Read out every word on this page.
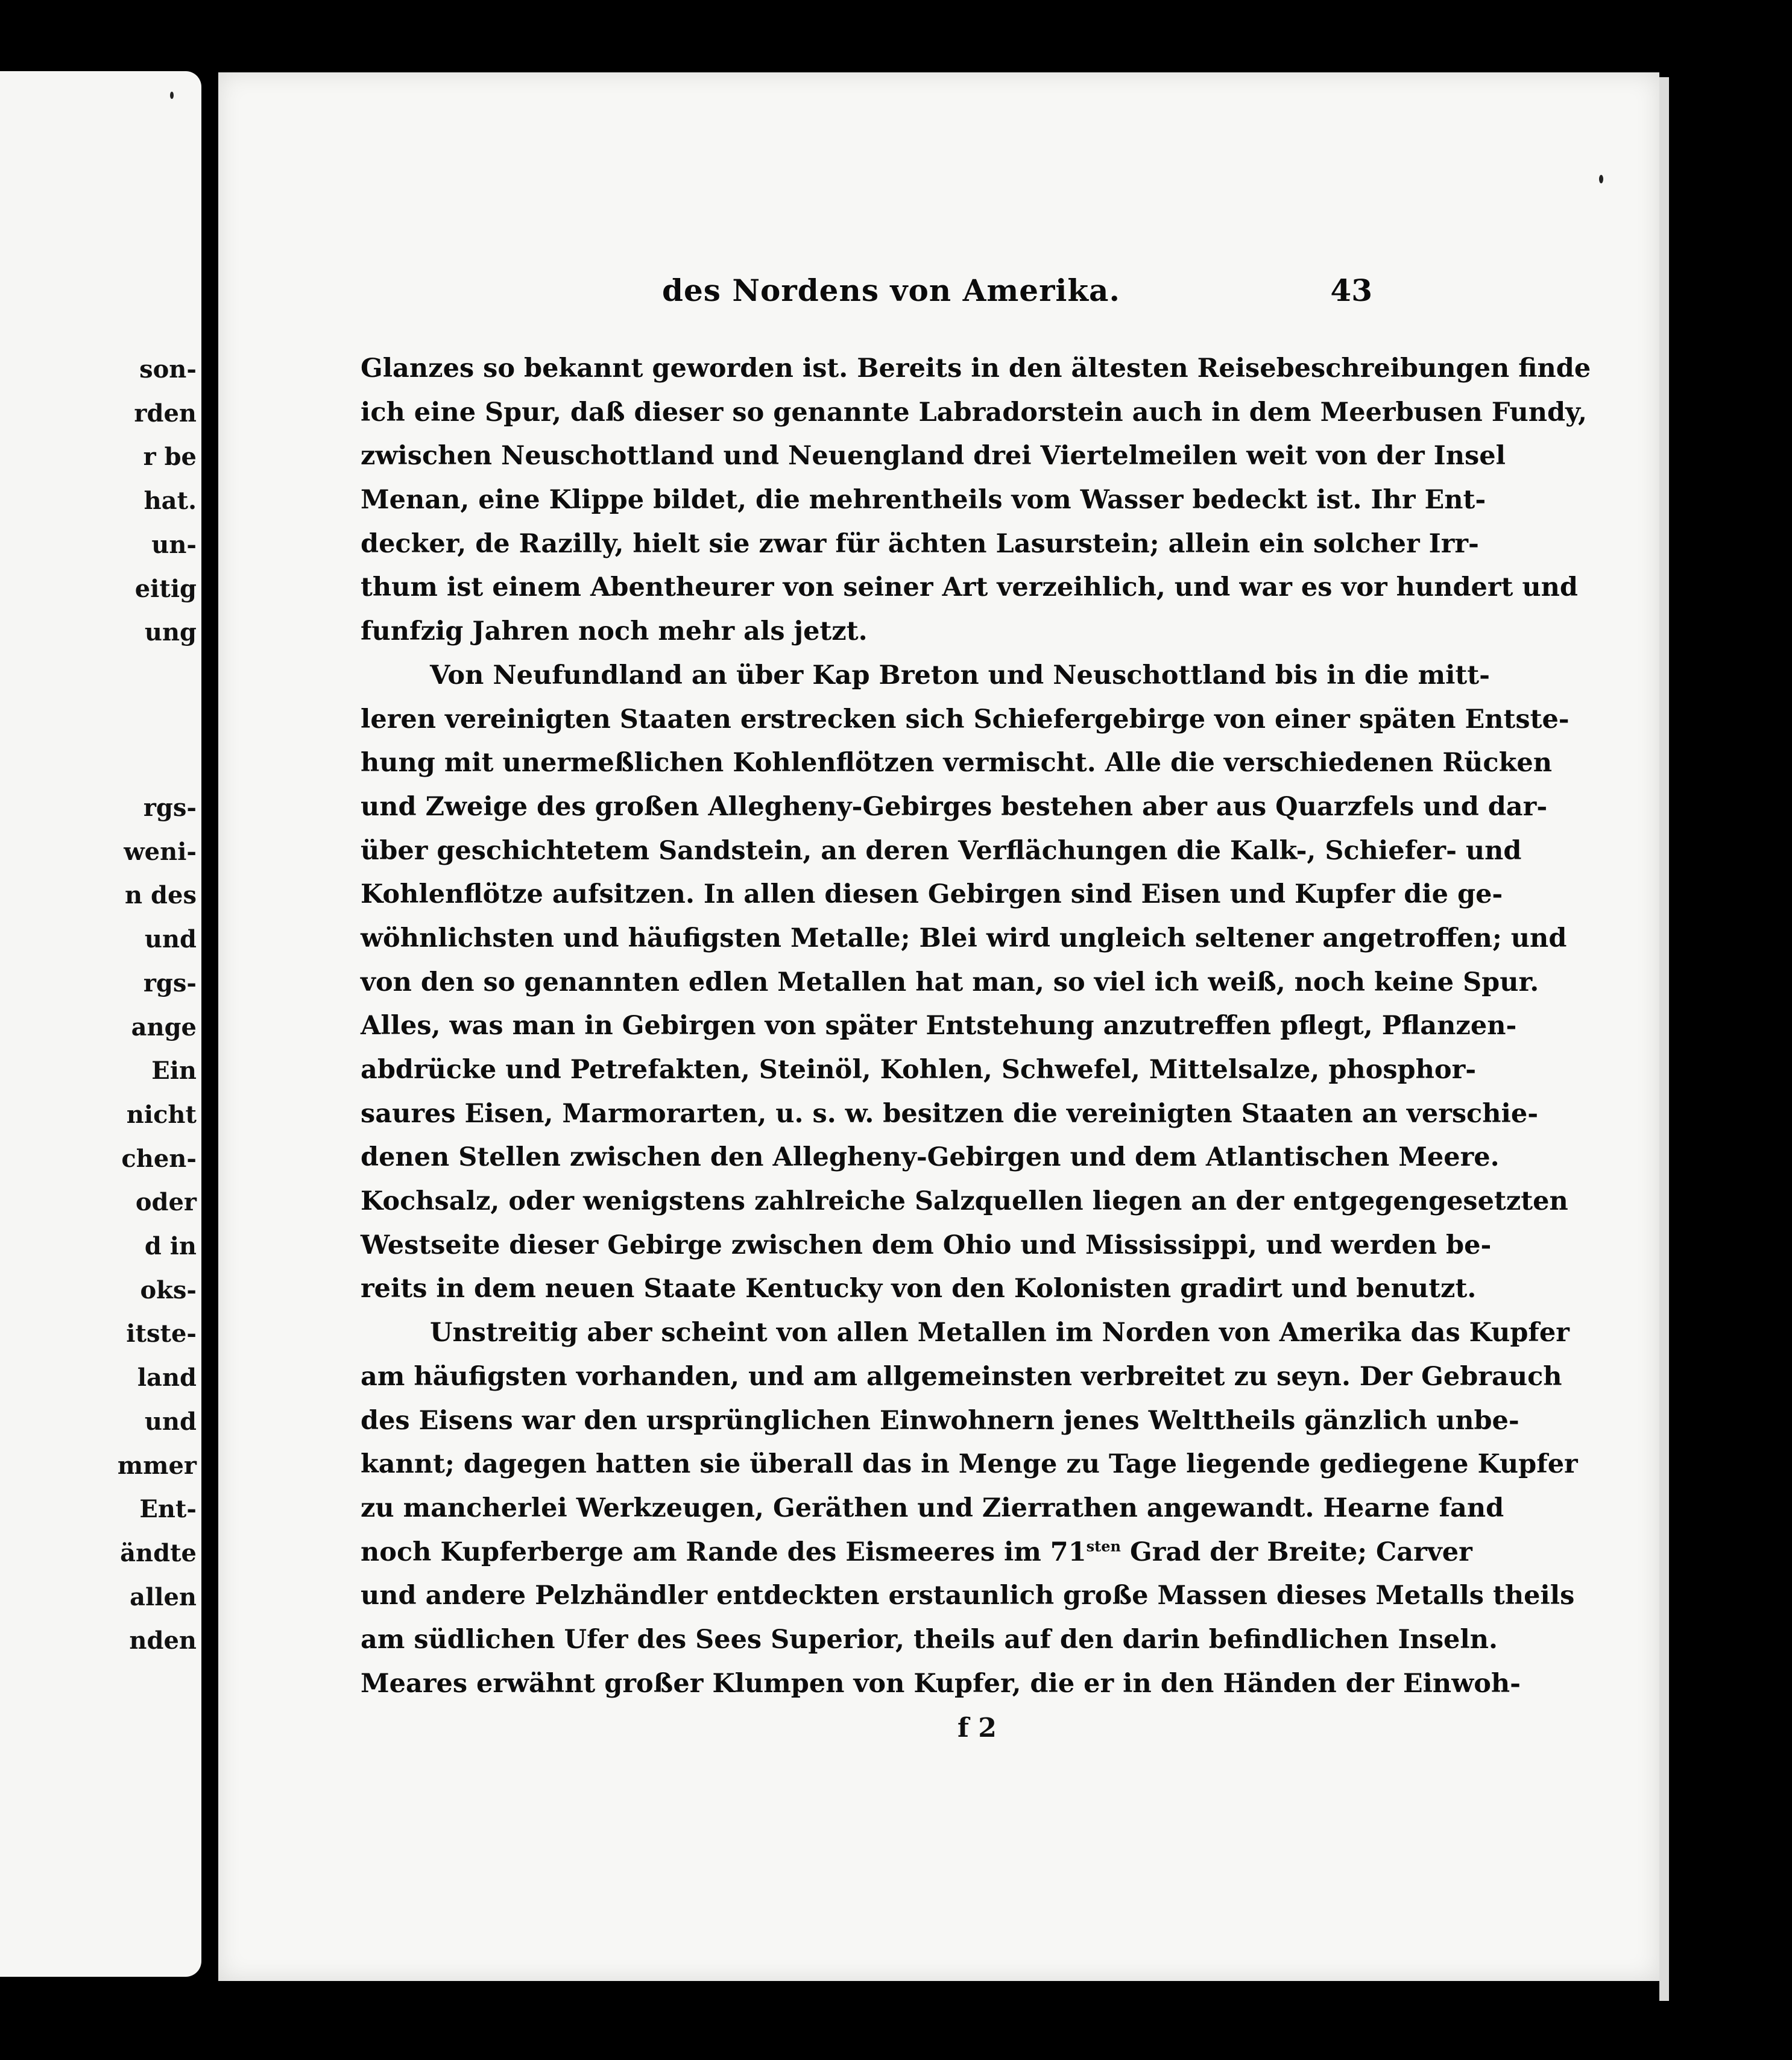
son-
rden
r be
hat.
un-
eitig
ung
rgs-
weni-
n des
und
rgs-
ange
Ein
nicht
chen-
oder
d in
oks-
itste-
land
und
mmer
Ent-
ändte
allen
nden
des Nordens von Amerika.	43
Glanzes so bekannt geworden ist. Bereits in den ältesten Reisebeschreibungen finde
ich eine Spur, daß dieser so genannte Labradorstein auch in dem Meerbusen Fundy,
zwischen Neuschottland und Neuengland drei Viertelmeilen weit von der Insel
Menan, eine Klippe bildet, die mehrentheils vom Wasser bedeckt ist. Ihr Ent-
decker, de Razilly, hielt sie zwar für ächten Lasurstein; allein ein solcher Irr-
thum ist einem Abentheurer von seiner Art verzeihlich, und war es vor hundert und
funfzig Jahren noch mehr als jetzt.
Von Neufundland an über Kap Breton und Neuschottland bis in die mitt-
leren vereinigten Staaten erstrecken sich Schiefergebirge von einer späten Entste-
hung mit unermeßlichen Kohlenflötzen vermischt. Alle die verschiedenen Rücken
und Zweige des großen Allegheny-Gebirges bestehen aber aus Quarzfels und dar-
über geschichtetem Sandstein, an deren Verflächungen die Kalk-, Schiefer- und
Kohlenflötze aufsitzen. In allen diesen Gebirgen sind Eisen und Kupfer die ge-
wöhnlichsten und häufigsten Metalle; Blei wird ungleich seltener angetroffen; und
von den so genannten edlen Metallen hat man, so viel ich weiß, noch keine Spur.
Alles, was man in Gebirgen von später Entstehung anzutreffen pflegt, Pflanzen-
abdrücke und Petrefakten, Steinöl, Kohlen, Schwefel, Mittelsalze, phosphor-
saures Eisen, Marmorarten, u. s. w. besitzen die vereinigten Staaten an verschie-
denen Stellen zwischen den Allegheny-Gebirgen und dem Atlantischen Meere.
Kochsalz, oder wenigstens zahlreiche Salzquellen liegen an der entgegengesetzten
Westseite dieser Gebirge zwischen dem Ohio und Mississippi, und werden be-
reits in dem neuen Staate Kentucky von den Kolonisten gradirt und benutzt.
Unstreitig aber scheint von allen Metallen im Norden von Amerika das Kupfer
am häufigsten vorhanden, und am allgemeinsten verbreitet zu seyn. Der Gebrauch
des Eisens war den ursprünglichen Einwohnern jenes Welttheils gänzlich unbe-
kannt; dagegen hatten sie überall das in Menge zu Tage liegende gediegene Kupfer
zu mancherlei Werkzeugen, Geräthen und Zierrathen angewandt. Hearne fand
noch Kupferberge am Rande des Eismeeres im $71^{sten}$ Grad der Breite; Carver
und andere Pelzhändler entdeckten erstaunlich große Massen dieses Metalls theils
am südlichen Ufer des Sees Superior, theils auf den darin befindlichen Inseln.
Meares erwähnt großer Klumpen von Kupfer, die er in den Händen der Einwoh-
f 2
